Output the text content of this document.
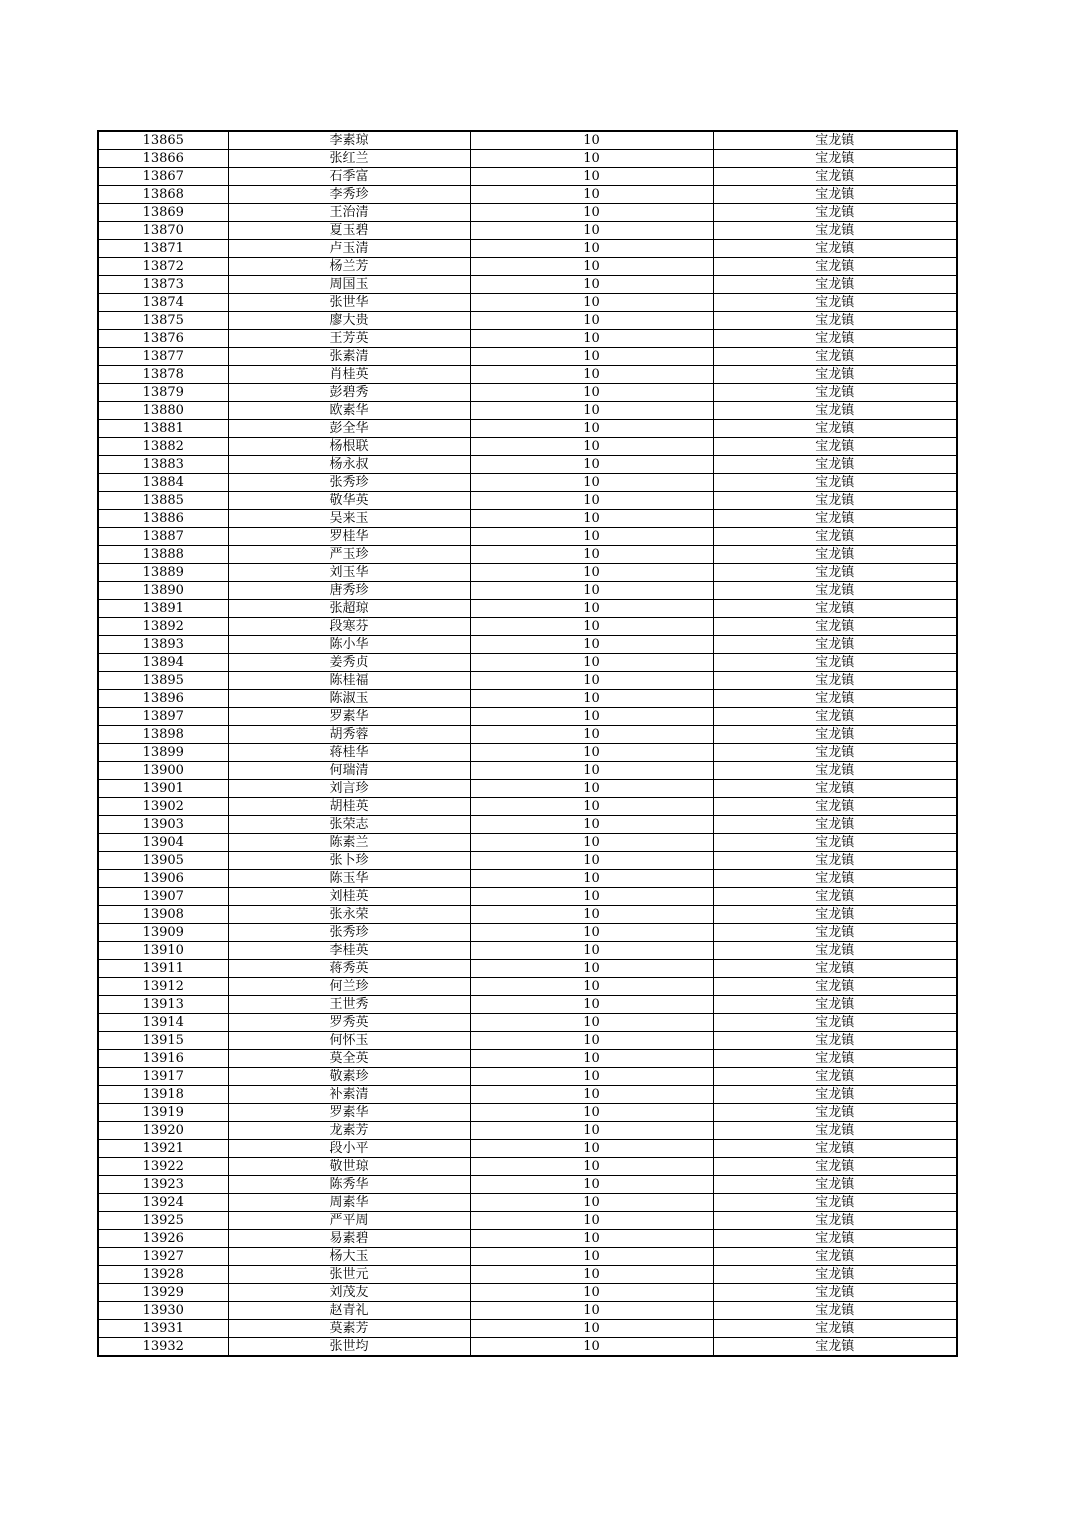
13865	李素琼	10	宝龙镇
13866	张红兰	10	宝龙镇
13867	石季富	10	宝龙镇
13868	李秀珍	10	宝龙镇
13869	王治清	10	宝龙镇
13870	夏玉碧	10	宝龙镇
13871	卢玉清	10	宝龙镇
13872	杨兰芳	10	宝龙镇
13873	周国玉	10	宝龙镇
13874	张世华	10	宝龙镇
13875	廖大贵	10	宝龙镇
13876	王芳英	10	宝龙镇
13877	张素清	10	宝龙镇
13878	肖桂英	10	宝龙镇
13879	彭碧秀	10	宝龙镇
13880	欧素华	10	宝龙镇
13881	彭全华	10	宝龙镇
13882	杨根联	10	宝龙镇
13883	杨永叔	10	宝龙镇
13884	张秀珍	10	宝龙镇
13885	敬华英	10	宝龙镇
13886	吴来玉	10	宝龙镇
13887	罗桂华	10	宝龙镇
13888	严玉珍	10	宝龙镇
13889	刘玉华	10	宝龙镇
13890	唐秀珍	10	宝龙镇
13891	张超琼	10	宝龙镇
13892	段寒芬	10	宝龙镇
13893	陈小华	10	宝龙镇
13894	姜秀贞	10	宝龙镇
13895	陈桂福	10	宝龙镇
13896	陈淑玉	10	宝龙镇
13897	罗素华	10	宝龙镇
13898	胡秀蓉	10	宝龙镇
13899	蒋桂华	10	宝龙镇
13900	何瑞清	10	宝龙镇
13901	刘言珍	10	宝龙镇
13902	胡桂英	10	宝龙镇
13903	张荣志	10	宝龙镇
13904	陈素兰	10	宝龙镇
13905	张卜珍	10	宝龙镇
13906	陈玉华	10	宝龙镇
13907	刘桂英	10	宝龙镇
13908	张永荣	10	宝龙镇
13909	张秀珍	10	宝龙镇
13910	李桂英	10	宝龙镇
13911	蒋秀英	10	宝龙镇
13912	何兰珍	10	宝龙镇
13913	王世秀	10	宝龙镇
13914	罗秀英	10	宝龙镇
13915	何怀玉	10	宝龙镇
13916	莫全英	10	宝龙镇
13917	敬素珍	10	宝龙镇
13918	补素清	10	宝龙镇
13919	罗素华	10	宝龙镇
13920	龙素芳	10	宝龙镇
13921	段小平	10	宝龙镇
13922	敬世琼	10	宝龙镇
13923	陈秀华	10	宝龙镇
13924	周素华	10	宝龙镇
13925	严平周	10	宝龙镇
13926	易素碧	10	宝龙镇
13927	杨大玉	10	宝龙镇
13928	张世元	10	宝龙镇
13929	刘茂友	10	宝龙镇
13930	赵青礼	10	宝龙镇
13931	莫素芳	10	宝龙镇
13932	张世均	10	宝龙镇
